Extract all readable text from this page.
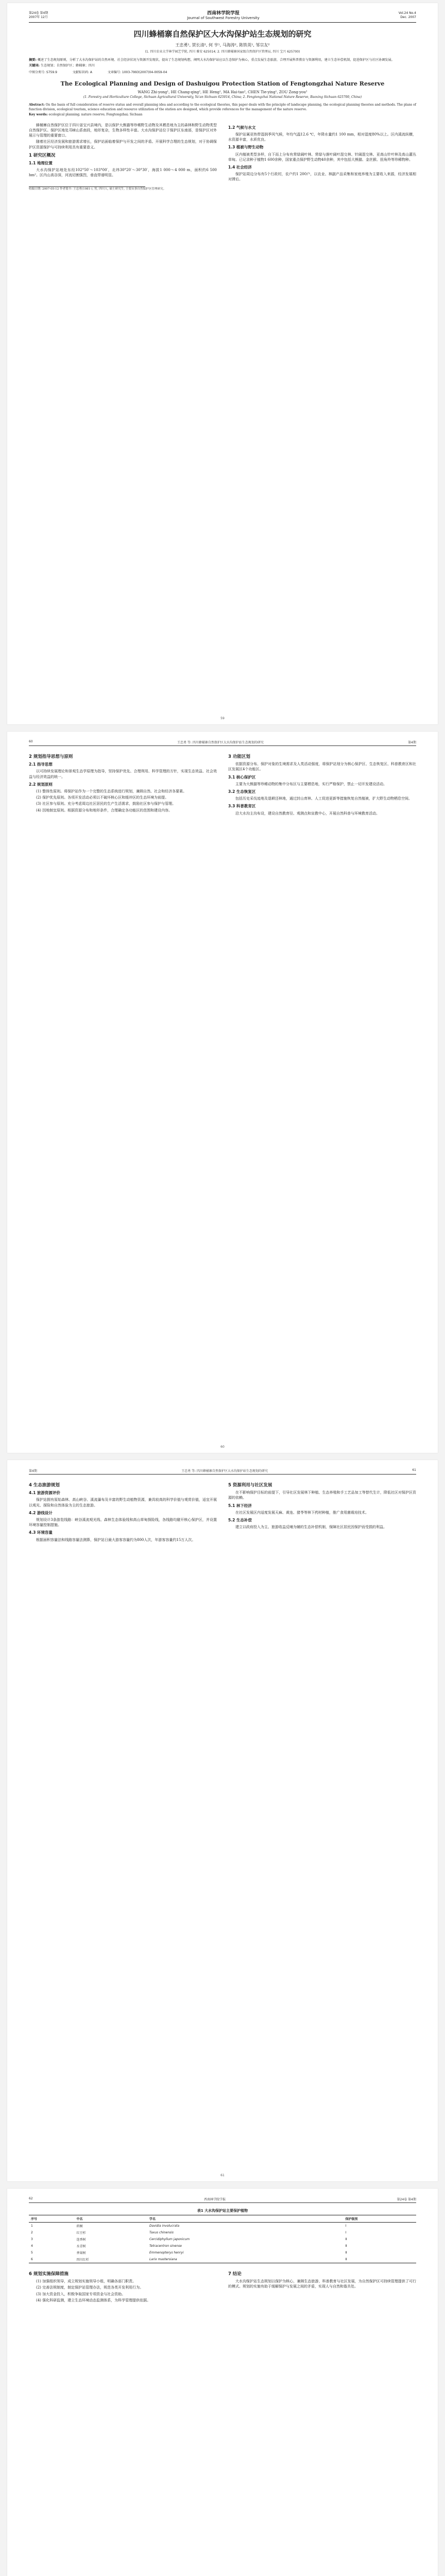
第24卷 第4期
2007年 12月
西南林学院学报
Journal of Southwest Forestry University
Vol.24 No.4
Dec. 2007
四川蜂桶寨自然保护区大水沟保护站生态规划的研究
王忠勇¹, 贺长清², 何 亨¹, 马海涛², 陈铁英¹, 邹宗友²
(1. 四川农业大学林学园艺学院, 四川 雅安 625014; 2. 四川蜂桶寨国家级自然保护区管理局, 四川 宝兴 625700)
摘要: 概述了生态规划原则，分析了大水沟保护站的自然环境、社会经济状况与资源开发现状，提出了生态规划构想，阐明大水沟保护站应以生态保护为核心，重点发展生态旅游，合理开展科普教育与资源利用，建立生态补偿机制，促进保护区与社区协调发展。
关键词: 生态规划；自然保护区；蜂桶寨；四川
中图分类号: S759.9	文献标识码: A	文章编号: 1003-7993(2007)04-0059-04
The Ecological Planning and Design of Dashuigou Protection Station of Fengtongzhai Nature Reserve
WANG Zhi-yong¹, HE Chang-qing², HE Heng¹, MA Hai-tao², CHEN Tie-ying¹, ZOU Zong-you²
(1. Forestry and Horticulture College, Sichuan Agricultural University, Ya'an Sichuan 625014, China; 2. Fengtongzhai National Nature Reserve, Baoxing Sichuan 625700, China)
Abstract: On the basis of full consideration of reserve status and overall planning idea and according to the ecological theories, this paper deals with the principle of landscape planning, the ecological planning theories and methods. The plans of function division, ecological tourism, science education and resource utilization of the station are designed, which provide references for the management of the nature reserve.
Key words: ecological planning; nature reserve; Fengtongzhai; Sichuan

蜂桶寨自然保护区位于四川省宝兴县境内，是以保护大熊猫等珍稀野生动物及其栖息地为主的森林和野生动物类型自然保护区。保护区地处邛崃山系南段，地形复杂，生物多样性丰富。大水沟保护站位于保护区东南部，是保护区对外展示与管理的重要窗口。

随着社区经济发展和旅游需求增长，保护站面临着保护与开发之间的矛盾。开展科学合理的生态规划，对于协调保护区资源保护与可持续利用具有重要意义。

1 研究区概况
1.1 地理位置

大水沟保护站地处东经102°50′～103°00′，北纬30°20′～30°30′，海拔1 000～4 000 m，面积约6 500 hm²。区内山高谷深，河流切割强烈，垂直带谱明显。

1.2 气候与水文

保护站属亚热带湿润季风气候，年均气温12.6 ℃，年降水量约1 100 mm，相对湿度80%以上。区内溪流纵横，水资源丰富，水质优良。

1.3 植被与野生动物

区内植被类型多样，自下而上分布有常绿阔叶林、常绿与落叶阔叶混交林、针阔混交林、亚高山针叶林及高山灌丛草甸。已记录种子植物1 600余种，国家重点保护野生动物40余种，其中包括大熊猫、金丝猴、扭角羚等珍稀物种。

1.4 社会经济

保护站周边分布有5个行政村，农户约1 200户，以农业、林副产品采集和家庭养殖为主要收入来源，经济发展相对滞后。

收稿日期: 2007-05-12 作者简介: 王忠勇(1981-), 男, 四川人, 硕士研究生, 主要从事自然保护区管理研究。
59
60	王忠勇 等: 四川蜂桶寨自然保护区大水沟保护站生态规划的研究	第4期
2 规划指导思想与原则
2.1 指导思想

以可持续发展理论和景观生态学原理为指导，坚持保护优先、合理利用、科学管理的方针，实现生态效益、社会效益与经济效益的统一。

2.2 规划原则

(1) 整体性原则。将保护站作为一个完整的生态系统进行规划，兼顾自然、社会和经济各要素。

(2) 保护优先原则。各项开发活动必须以不破坏核心区和缓冲区的生态环境为前提。

(3) 社区参与原则。充分考虑周边社区居民的生产生活需求，鼓励社区参与保护与管理。

(4) 因地制宜原则。根据资源分布和地形条件，合理确定各功能区的范围和建设内容。

3 功能区划

依据资源分布、保护对象的生境需求及人类活动强度，将保护站划分为核心保护区、生态恢复区、科普教育区和社区发展区4个功能区。

3.1 核心保护区

主要为大熊猫等珍稀动物的集中分布区与主要栖息地，实行严格保护，禁止一切开发建设活动。

3.2 生态恢复区

包括历史采伐迹地及退耕还林地，通过封山育林、人工促进更新等措施恢复自然植被，扩大野生动物栖息空间。

3.3 科普教育区

沿大水沟主沟布设，建设自然教育径、观测点和宣教中心，开展自然科普与环境教育活动。

60
第4期	王忠勇 等: 四川蜂桶寨自然保护区大水沟保护站生态规划的研究	61
4 生态旅游规划
4.1 旅游资源评价

保护站拥有原始森林、高山峡谷、溪流瀑布及丰富的野生动植物资源，兼具较高的科学价值与观赏价值，适宜开展以观光、探险和自然体验为主的生态旅游。

4.2 游线设计

规划设计3条游览线路：峡谷溪流观光线、森林生态体验线和高山草甸探险线，各线路均避开核心保护区，并设置环境容量控制措施。

4.3 环境容量

根据面积容量法和线路容量法测算，保护站日最大游客容量约为800人次，年游客容量约15万人次。

5 资源利用与社区发展

在不影响保护目标的前提下，引导社区发展林下种植、生态养殖和手工艺品加工等替代生计，降低社区对保护区资源的依赖。

5.1 林下经济

在社区发展区内适度发展天麻、黄连、猪苓等林下药材种植，推广食用菌栽培技术。

5.2 生态补偿

建立以政府投入为主、旅游收益反哺为辅的生态补偿机制，保障社区居民因保护而受损的利益。

61
62	西南林学院学报	第24卷 第4期
表1 大水沟保护站主要保护植物
序号	中名	学名	保护级别
1	珙桐	Davidia involucrata	Ⅰ
2	红豆杉	Taxus chinensis	Ⅰ
3	连香树	Cercidiphyllum japonicum	Ⅱ
4	水青树	Tetracentron sinense	Ⅱ
5	香果树	Emmenopterys henryi	Ⅱ
6	四川红杉	Larix mastersiana	Ⅱ
6 规划实施保障措施

(1) 加强组织领导，成立规划实施领导小组，明确各部门职责。

(2) 完善法规制度，制定保护站管理办法，规范各类开发利用行为。

(3) 加大资金投入，积极争取国家专项资金与社会资助。

(4) 强化科研监测，建立生态环境动态监测体系，为科学管理提供依据。

7 结论

大水沟保护站生态规划以保护为核心，兼顾生态旅游、科普教育与社区发展，为自然保护区可持续管理提供了可行的模式。规划的实施有助于缓解保护与发展之间的矛盾，实现人与自然和谐共处。
